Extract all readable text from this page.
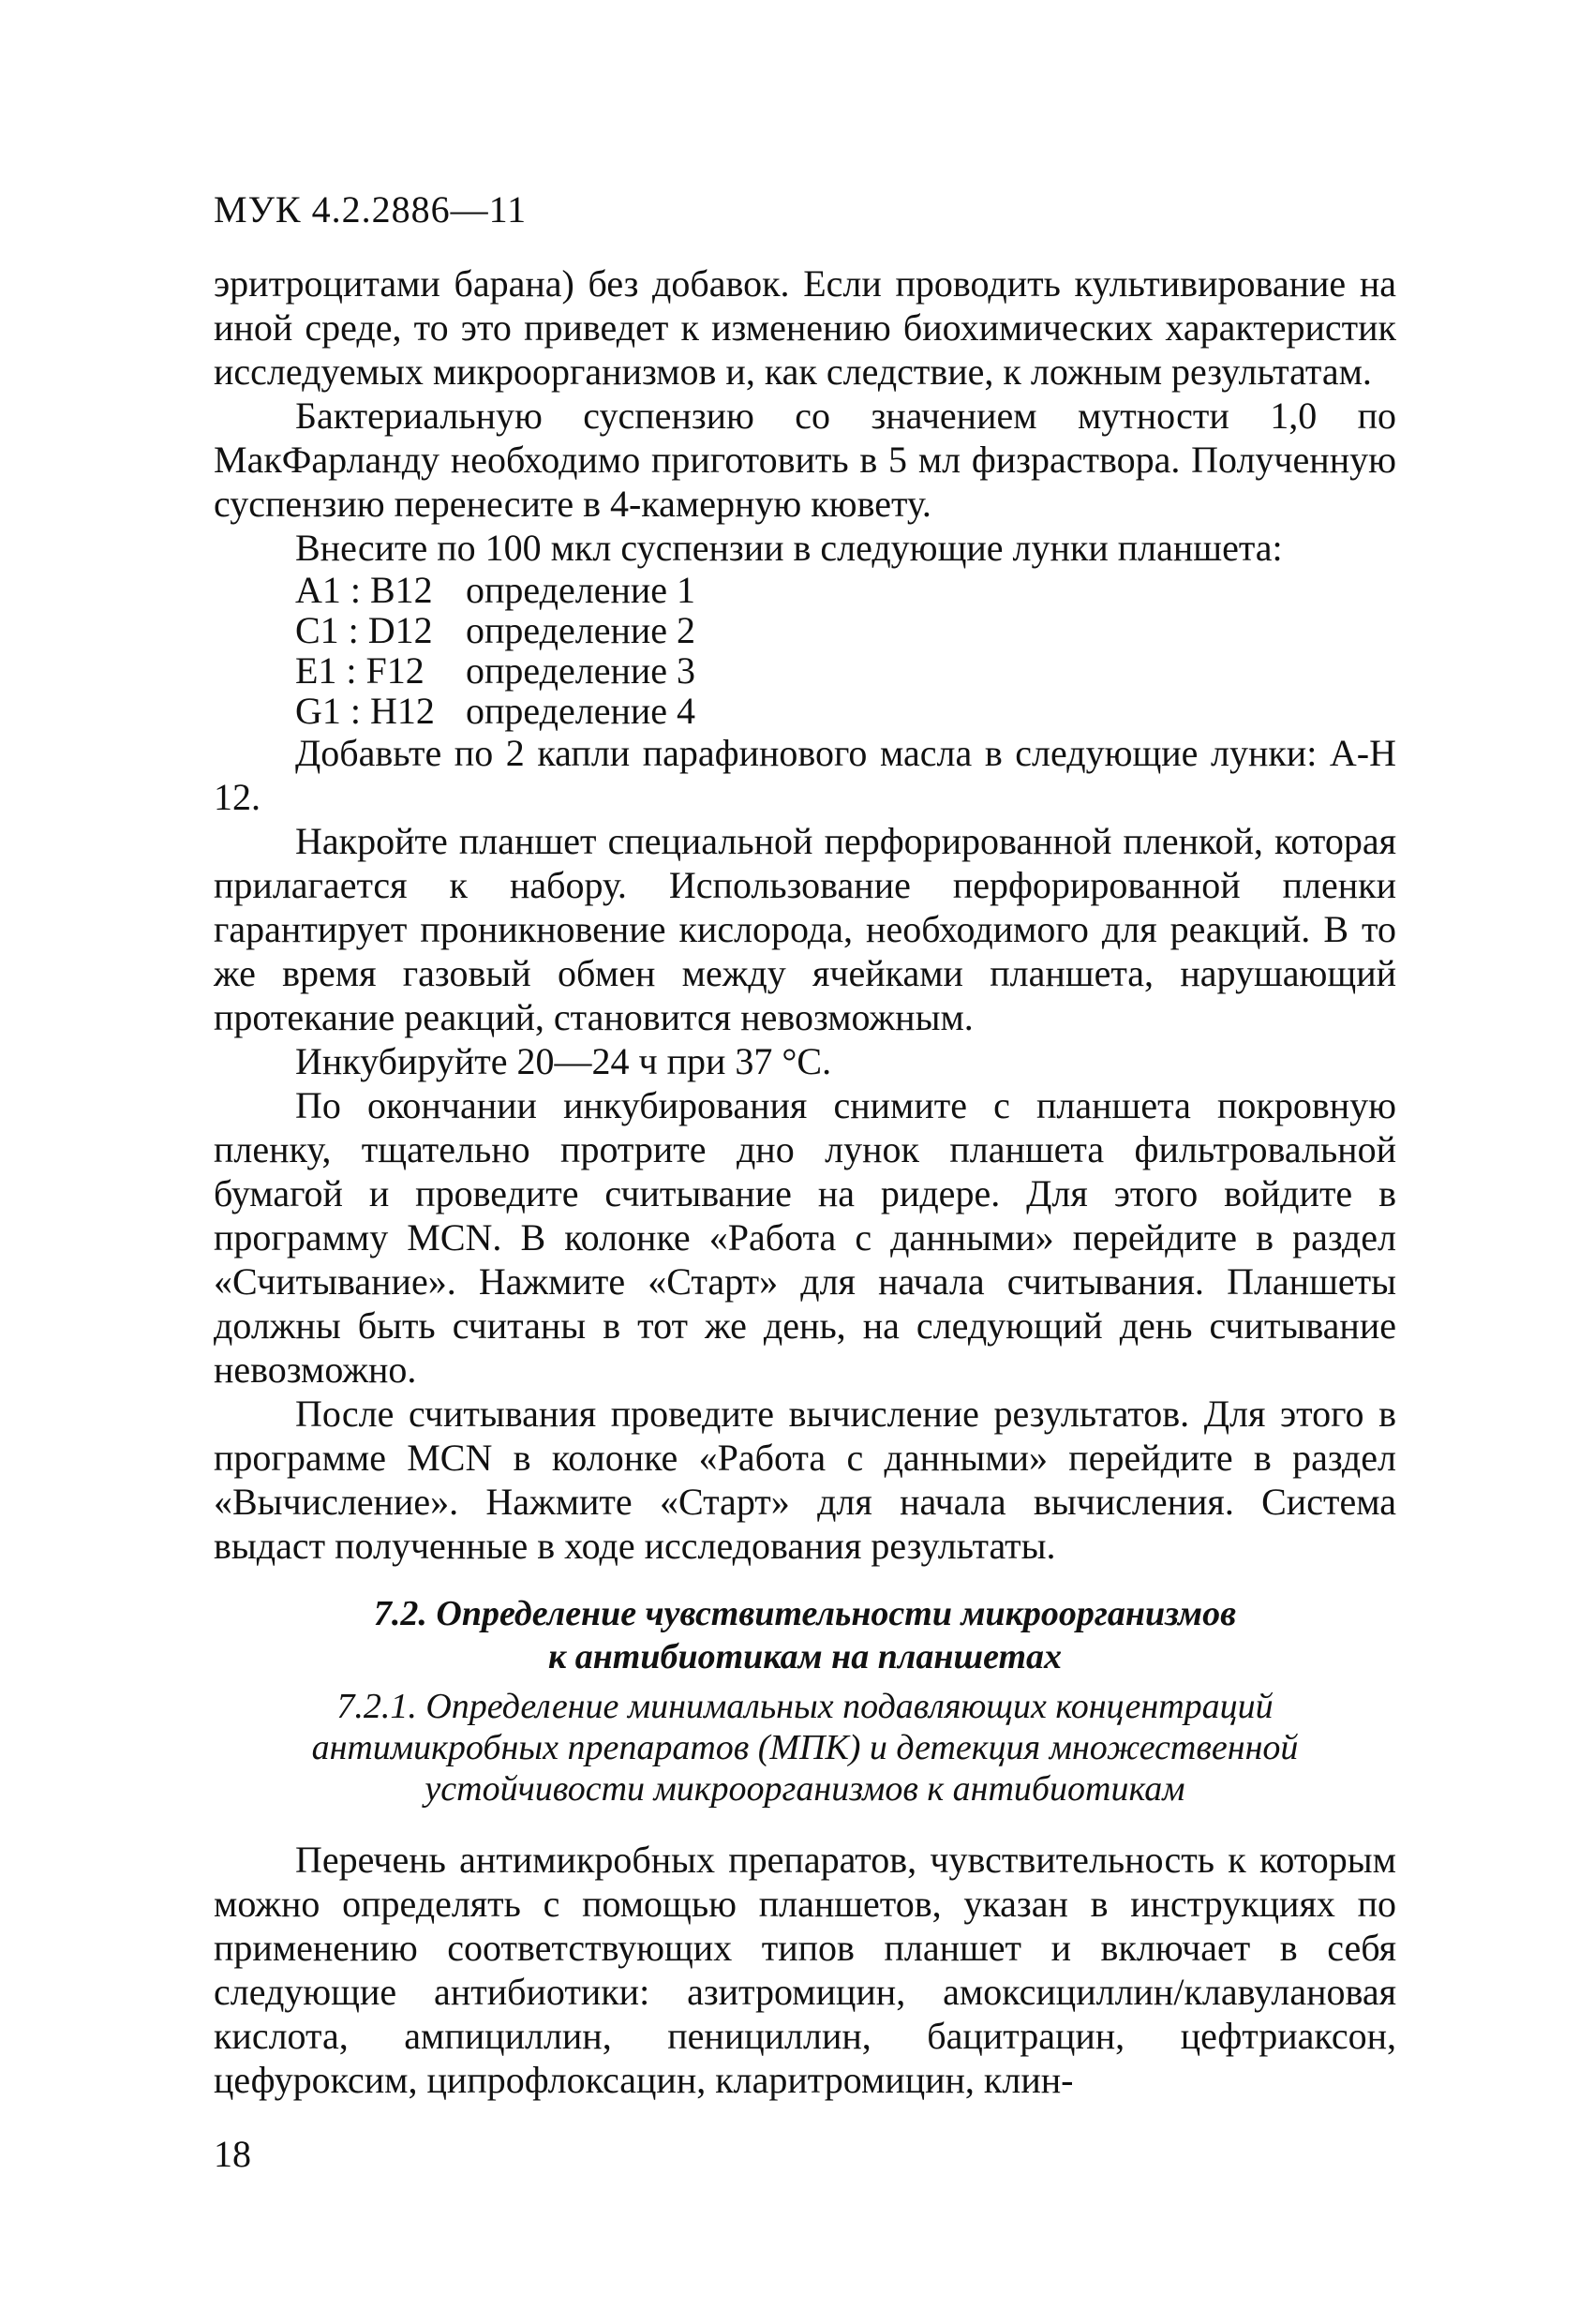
МУК 4.2.2886—11

эритроцитами барана) без добавок. Если проводить культивирование на иной среде, то это приведет к изменению биохимических характеристик исследуемых микроорганизмов и, как следствие, к ложным результатам.

Бактериальную суспензию со значением мутности 1,0 по МакФарланду необходимо приготовить в 5 мл физраствора. Полученную суспензию перенесите в 4-камерную кювету.

Внесите по 100 мкл суспензии в следующие лунки планшета:

А1 : В12 определение 1
С1 : D12 определение 2
Е1 : F12	определение 3
G1 : Н12 определение 4

Добавьте по 2 капли парафинового масла в следующие лунки: А-Н 12.

Накройте планшет специальной перфорированной пленкой, которая прилагается к набору. Использование перфорированной пленки гарантирует проникновение кислорода, необходимого для реакций. В то же время газовый обмен между ячейками планшета, нарушающий протекание реакций, становится невозможным.

Инкубируйте 20—24 ч при 37 °С.

По окончании инкубирования снимите с планшета покровную пленку, тщательно протрите дно лунок планшета фильтровальной бумагой и проведите считывание на ридере. Для этого войдите в программу MCN. В колонке «Работа с данными» перейдите в раздел «Считывание». Нажмите «Старт» для начала считывания. Планшеты должны быть считаны в тот же день, на следующий день считывание невозможно.

После считывания проведите вычисление результатов. Для этого в программе MCN в колонке «Работа с данными» перейдите в раздел «Вычисление». Нажмите «Старт» для начала вычисления. Система выдаст полученные в ходе исследования результаты.

7.2. Определение чувствительности микроорганизмов
к антибиотикам на планшетах
7.2.1. Определение минимальных подавляющих концентраций
антимикробных препаратов (МПК) и детекция множественной
устойчивости микроорганизмов к антибиотикам

Перечень антимикробных препаратов, чувствительность к которым можно определять с помощью планшетов, указан в инструкциях по применению соответствующих типов планшет и включает в себя следующие антибиотики: азитромицин, амоксициллин/клавулановая кислота, ампициллин, пенициллин, бацитрацин, цефтриаксон, цефуроксим, ципрофлоксацин, кларитромицин, клин-

18
